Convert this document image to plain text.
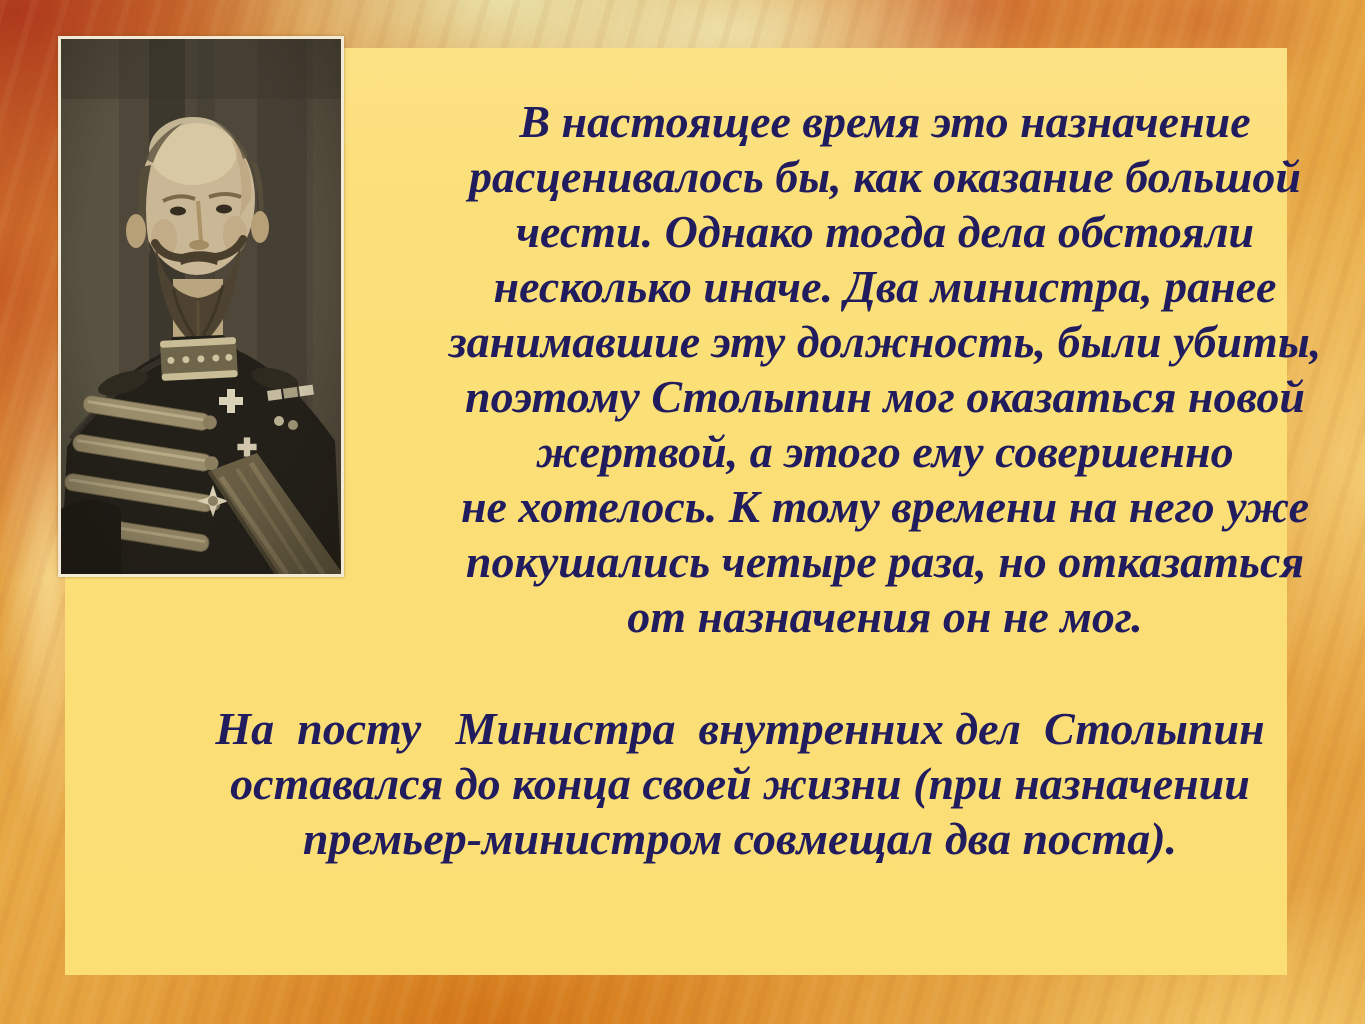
В настоящее время это назначение
расценивалось бы, как оказание большой
чести. Однако тогда дела обстояли
несколько иначе. Два министра, ранее
занимавшие эту должность, были убиты,
поэтому Столыпин мог оказаться новой
жертвой, а этого ему совершенно
не хотелось. К тому времени на него уже
покушались четыре раза, но отказаться
от назначения он не мог.
На  посту   Министра  внутренних дел  Столыпин
оставался до конца своей жизни (при назначении
премьер-министром совмещал два поста).
